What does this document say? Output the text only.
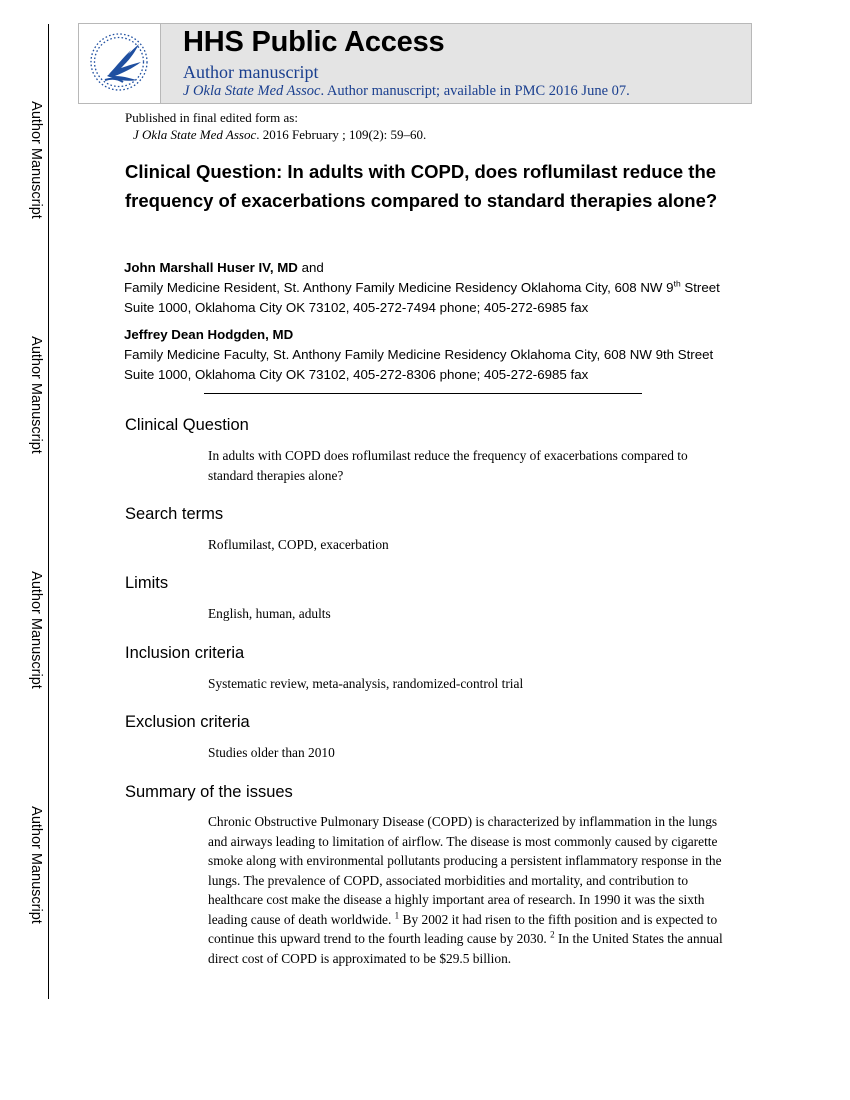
Author Manuscript
Author Manuscript
Author Manuscript
Author Manuscript
HHS Public Access
Author manuscript
J Okla State Med Assoc. Author manuscript; available in PMC 2016 June 07.
Published in final edited form as:
J Okla State Med Assoc. 2016 February ; 109(2): 59–60.
Clinical Question: In adults with COPD, does roflumilast reduce the frequency of exacerbations compared to standard therapies alone?
John Marshall Huser IV, MD and
Family Medicine Resident, St. Anthony Family Medicine Residency Oklahoma City, 608 NW 9th Street Suite 1000, Oklahoma City OK 73102, 405-272-7494 phone; 405-272-6985 fax
Jeffrey Dean Hodgden, MD
Family Medicine Faculty, St. Anthony Family Medicine Residency Oklahoma City, 608 NW 9th Street Suite 1000, Oklahoma City OK 73102, 405-272-8306 phone; 405-272-6985 fax
Clinical Question
In adults with COPD does roflumilast reduce the frequency of exacerbations compared to standard therapies alone?
Search terms
Roflumilast, COPD, exacerbation
Limits
English, human, adults
Inclusion criteria
Systematic review, meta-analysis, randomized-control trial
Exclusion criteria
Studies older than 2010
Summary of the issues
Chronic Obstructive Pulmonary Disease (COPD) is characterized by inflammation in the lungs and airways leading to limitation of airflow. The disease is most commonly caused by cigarette smoke along with environmental pollutants producing a persistent inflammatory response in the lungs. The prevalence of COPD, associated morbidities and mortality, and contribution to healthcare cost make the disease a highly important area of research. In 1990 it was the sixth leading cause of death worldwide. $^1$ By 2002 it had risen to the fifth position and is expected to continue this upward trend to the fourth leading cause by 2030. $^2$ In the United States the annual direct cost of COPD is approximated to be $29.5 billion.
